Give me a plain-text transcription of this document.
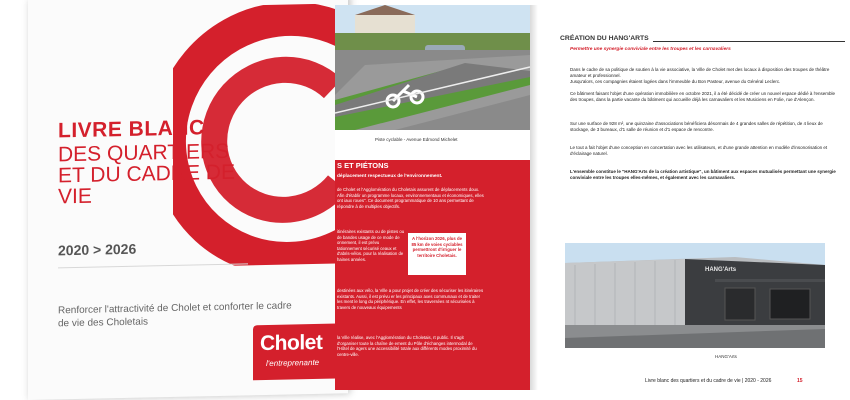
LIVRE BLANC
DES QUARTIERS ET DU CADRE DE VIE
2020 > 2026
Renforcer l'attractivité de Cholet et conforter le cadre de vie des Choletais
Cholet
l'entreprenante
Piste cyclable - Avenue Edmond Michelet
S ET PIÉTONS
déplacement respectueux de l'environnement.
de Cholet et l'Agglomération du Choletais assurent de déplacements doux. Afin d'établir un programme locaux, environnementaux et économiques, elles ont iaux roues". Ce document programmatique de 10 ans permettant de répondre à de multiples objectifs.
itinéraires existants ou de pistes ou de bandes usage de ce mode de onnement, il est prévu tationnement sécurisé ceaux et d'abris-vélos. pour la réalisation de haines années.
A l'horizon 2026, plus de 85 km de voies cyclables permettront d'irriguer le territoire Choletais.
destinées aux vélo, la Ville a pour projet de créer des sécuriser les itinéraires existants. Aussi, il est prévu er les principaux axes communaux et de traiter les ment le long du périphérique. En effet, les traversées nt sécurisées à travers de nouveaux équipements
la Ville réalise, avec l'Agglomération du Choletais, rt public. Il s'agit d'organiser toute la chaîne de ement du Pôle d'échanges intermodal de l'Hôtel de agers une accessibilité totale aux différents modes proximité du centre-ville.
CRÉATION DU HANG'ARTS
Permettre une synergie conviviale entre les troupes et les carnavaliers
Dans le cadre de sa politique de soutien à la vie associative, la Ville de Cholet met des locaux à disposition des troupes de théâtre amateur et professionnel.
Jusqu'alors, ces compagnies étaient logées dans l'immeuble du Bon Pasteur, avenue du Général Leclerc.
Ce bâtiment faisant l'objet d'une opération immobilière en octobre 2021, il a été décidé de créer un nouvel espace dédié à l'ensemble des troupes, dans la partie vacante du bâtiment qui accueille déjà les carnavaliers et les Musiciens en Folie, rue d'Alençon.
Sur une surface de 928 m², une quinzaine d'associations bénéficiera désormais de 4 grandes salles de répétition, de 4 lieux de stockage, de 3 bureaux, d'1 salle de réunion et d'1 espace de rencontre.
Le tout a fait l'objet d'une conception en concertation avec les utilisateurs, et d'une grande attention en modèle d'insonorisation et d'éclairage naturel.
L'ensemble constitue le "HANG'Arts de la création artistique", un bâtiment aux espaces mutualisés permettant une synergie conviviale entre les troupes elles-mêmes, et également avec les carnavaliers.
HANG'Arts
HANG'Arts
Livre blanc des quartiers et du cadre de vie | 2020 - 2026	15
